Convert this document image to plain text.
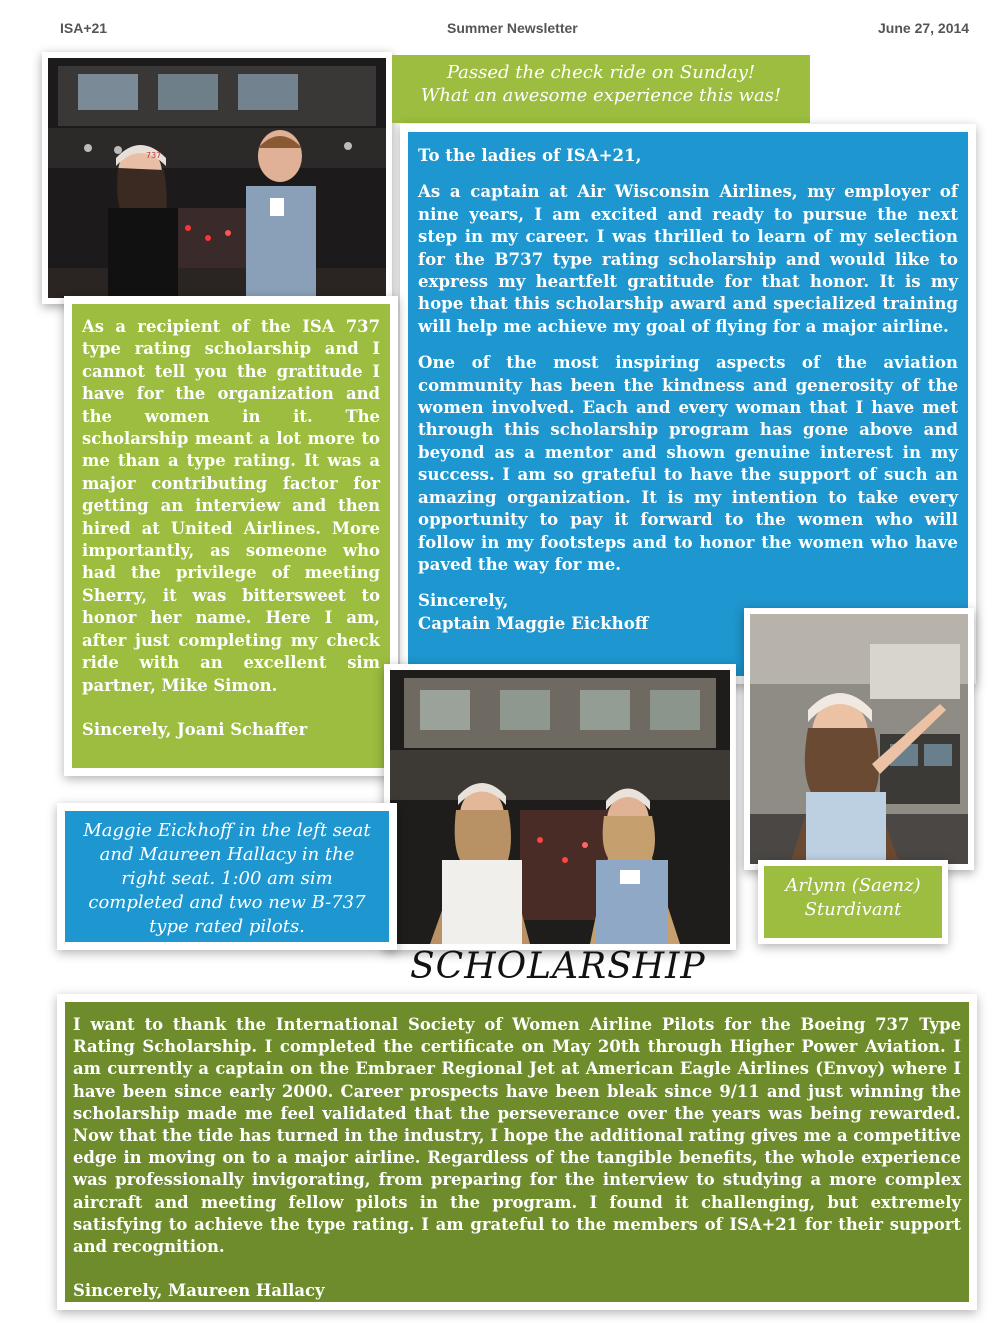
ISA+21	Summer Newsletter	June 27, 2014
737
Passed the check ride on Sunday!
What an awesome experience this was!

To the ladies of ISA+21,

As a captain at Air Wisconsin Airlines, my employer of nine years, I am excited and ready to pursue the next step in my career. I was thrilled to learn of my selection for the B737 type rating scholarship and would like to express my heartfelt gratitude for that honor. It is my hope that this scholarship award and specialized training will help me achieve my goal of flying for a major airline.

One of the most inspiring aspects of the aviation community has been the kindness and generosity of the women involved. Each and every woman that I have met through this scholarship program has gone above and beyond as a mentor and shown genuine interest in my success. I am so grateful to have the support of such an amazing organization. It is my intention to take every opportunity to pay it forward to the women who will follow in my footsteps and to honor the women who have paved the way for me.

Sincerely,

Captain Maggie Eickhoff

As a recipient of the ISA 737 type rating scholarship and I cannot tell you the gratitude I have for the organization and the women in it. The scholarship meant a lot more to me than a type rating. It was a major contributing factor for getting an interview and then hired at United Airlines. More importantly, as someone who had the privilege of meeting Sherry, it was bittersweet to honor her name. Here I am, after just completing my check ride with an excellent sim partner, Mike Simon.

Sincerely, Joani Schaffer

Maggie Eickhoff in the left seat and Maureen Hallacy in the right seat. 1:00 am sim completed and two new B-737 type rated pilots.

Arlynn (Saenz)
Sturdivant
SCHOLARSHIP

I want to thank the International Society of Women Airline Pilots for the Boeing 737 Type Rating Scholarship. I completed the certificate on May 20th through Higher Power Aviation. I am currently a captain on the Embraer Regional Jet at American Eagle Airlines (Envoy) where I have been since early 2000. Career prospects have been bleak since 9/11 and just winning the scholarship made me feel validated that the perseverance over the years was being rewarded. Now that the tide has turned in the industry, I hope the additional rating gives me a competitive edge in moving on to a major airline. Regardless of the tangible benefits, the whole experience was professionally invigorating, from preparing for the interview to studying a more complex aircraft and meeting fellow pilots in the program. I found it challenging, but extremely satisfying to achieve the type rating. I am grateful to the members of ISA+21 for their support and recognition.

Sincerely, Maureen Hallacy
